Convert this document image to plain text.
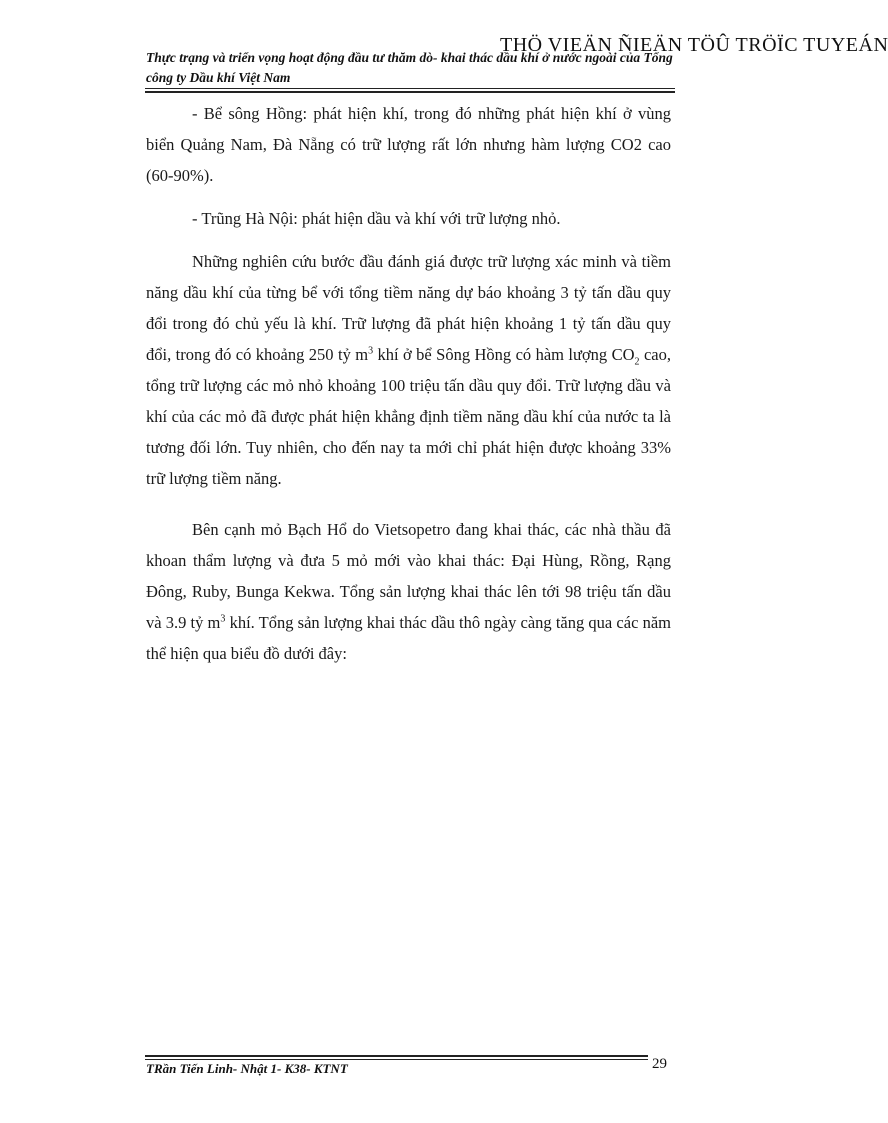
THÖ VIEÄN ÑIEÄN TÖÛ TRÖÏC TUYEÁN
Thực trạng và triển vọng hoạt động đầu tư thăm dò- khai thác dầu khí ở nước ngoài của Tổng công ty Dầu khí Việt Nam

- Bể sông Hồng: phát hiện khí, trong đó những phát hiện khí ở vùng biển Quảng Nam, Đà Nẵng có trữ lượng rất lớn nhưng hàm lượng CO2 cao (60-90%).

- Trũng Hà Nội: phát hiện dầu và khí với trữ lượng nhỏ.

Những nghiên cứu bước đầu đánh giá được trữ lượng xác minh và tiềm năng dầu khí của từng bể với tổng tiềm năng dự báo khoảng 3 tỷ tấn dầu quy đổi trong đó chủ yếu là khí. Trữ lượng đã phát hiện khoảng 1 tỷ tấn dầu quy đổi, trong đó có khoảng 250 tỷ $m^3$ khí ở bể Sông Hồng có hàm lượng $CO_2$ cao, tổng trữ lượng các mỏ nhỏ khoảng 100 triệu tấn dầu quy đổi. Trữ lượng dầu và khí của các mỏ đã được phát hiện khẳng định tiềm năng dầu khí của nước ta là tương đối lớn. Tuy nhiên, cho đến nay ta mới chỉ phát hiện được khoảng 33% trữ lượng tiềm năng.

Bên cạnh mỏ Bạch Hổ do Vietsopetro đang khai thác, các nhà thầu đã khoan thẩm lượng và đưa 5 mỏ mới vào khai thác: Đại Hùng, Rồng, Rạng Đông, Ruby, Bunga Kekwa. Tổng sản lượng khai thác lên tới 98 triệu tấn dầu và 3.9 tỷ $m^3$ khí. Tổng sản lượng khai thác dầu thô ngày càng tăng qua các năm thể hiện qua biểu đồ dưới đây:

TRần Tiến Linh- Nhật 1- K38- KTNT	29
